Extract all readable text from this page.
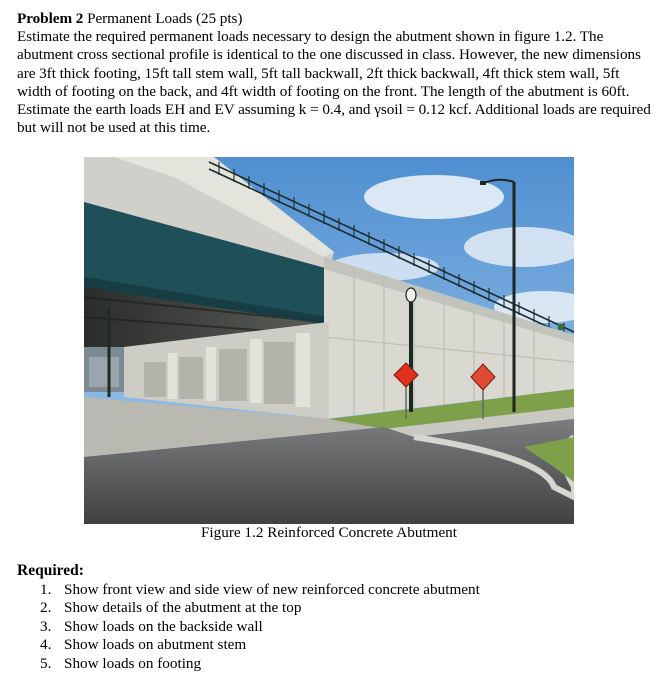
Problem 2 Permanent Loads (25 pts)
Estimate the required permanent loads necessary to design the abutment shown in figure 1.2. The abutment cross sectional profile is identical to the one discussed in class. However, the new dimensions are 3ft thick footing, 15ft tall stem wall, 5ft tall backwall, 2ft thick backwall, 4ft thick stem wall, 5ft width of footing on the back, and 4ft width of footing on the front. The length of the abutment is 60ft. Estimate the earth loads EH and EV assuming k = 0.4, and γsoil = 0.12 kcf. Additional loads are required but will not be used at this time.

Figure 1.2 Reinforced Concrete Abutment
Required:
1. Show front view and side view of new reinforced concrete abutment
2. Show details of the abutment at the top
3. Show loads on the backside wall
4. Show loads on abutment stem
5. Show loads on footing
